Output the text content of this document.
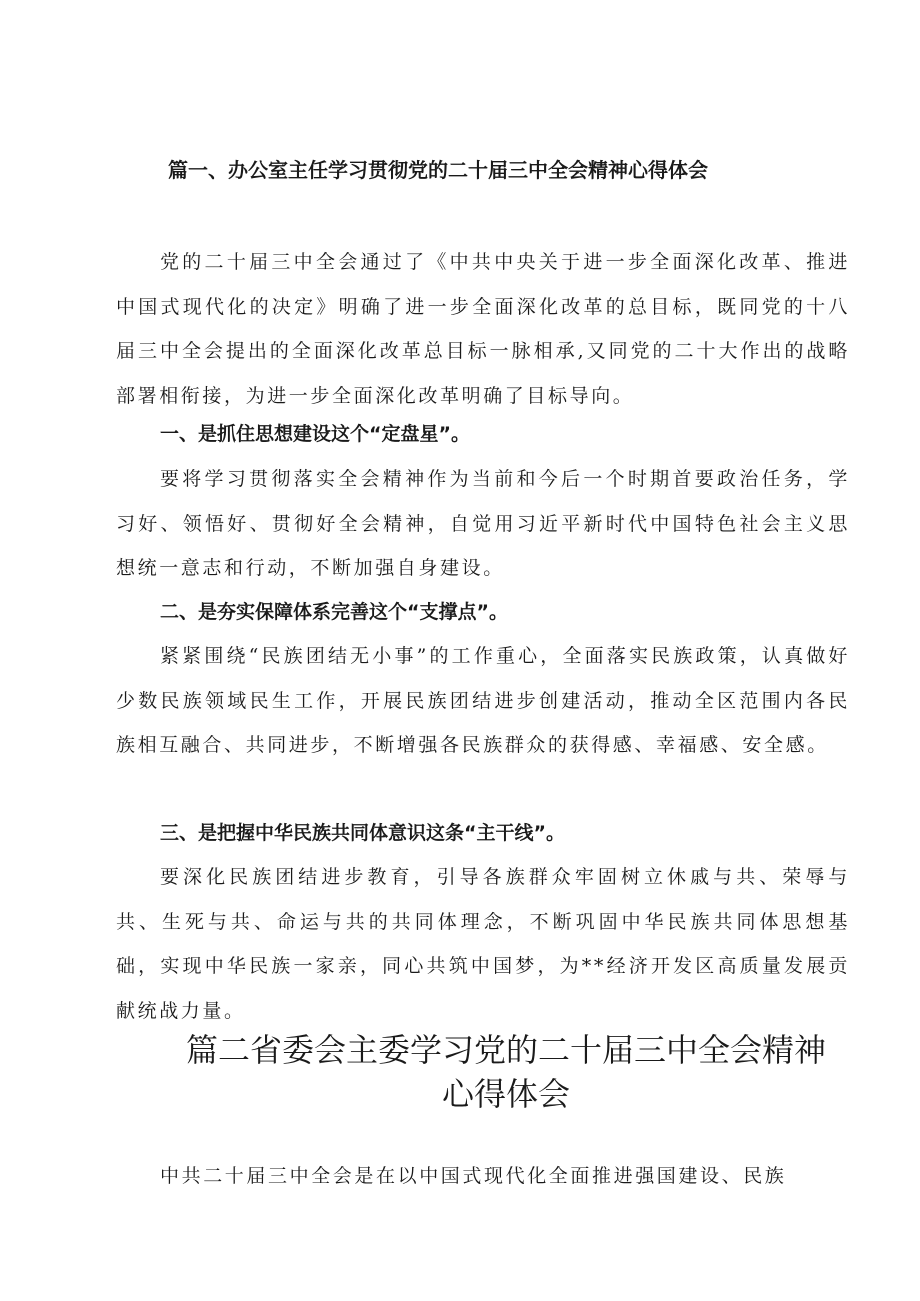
篇一、办公室主任学习贯彻党的二十届三中全会精神心得体会

党的二十届三中全会通过了《中共中央关于进一步全面深化改革、推进中国式现代化的决定》明确了进一步全面深化改革的总目标，既同党的十八届三中全会提出的全面深化改革总目标一脉相承,又同党的二十大作出的战略部署相衔接，为进一步全面深化改革明确了目标导向。

一、是抓住思想建设这个“定盘星”。

要将学习贯彻落实全会精神作为当前和今后一个时期首要政治任务，学习好、领悟好、贯彻好全会精神，自觉用习近平新时代中国特色社会主义思想统一意志和行动，不断加强自身建设。

二、是夯实保障体系完善这个“支撑点”。

紧紧围绕“民族团结无小事”的工作重心，全面落实民族政策，认真做好少数民族领域民生工作，开展民族团结进步创建活动，推动全区范围内各民族相互融合、共同进步，不断增强各民族群众的获得感、幸福感、安全感。

三、是把握中华民族共同体意识这条“主干线”。

要深化民族团结进步教育，引导各族群众牢固树立休戚与共、荣辱与共、生死与共、命运与共的共同体理念，不断巩固中华民族共同体思想基础，实现中华民族一家亲，同心共筑中国梦，为**经济开发区高质量发展贡献统战力量。

篇二省委会主委学习党的二十届三中全会精神
心得体会

中共二十届三中全会是在以中国式现代化全面推进强国建设、民族
